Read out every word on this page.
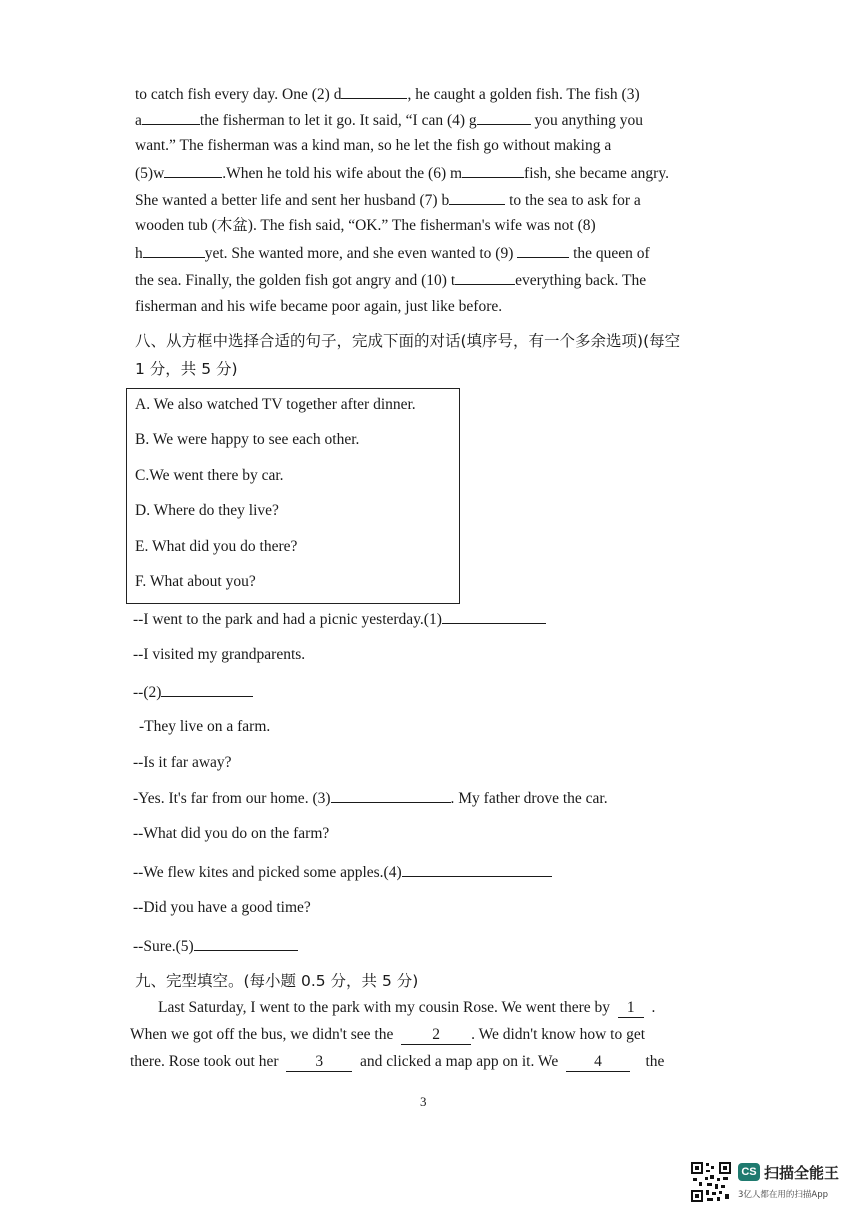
to catch fish every day. One (2) d	, he caught a golden fish. The fish (3)
a	the fisherman to let it go. It said, “I can (4) g	you anything you
want.” The fisherman was a kind man, so he let the fish go without making a
(5)w	.When he told his wife about the (6) m	fish, she became angry.
She wanted a better life and sent her husband (7) b	to the sea to ask for a
wooden tub (木盆). The fish said, “OK.” The fisherman's wife was not (8)
h	yet. She wanted more, and she even wanted to (9)	the queen of
the sea. Finally, the golden fish got angry and (10) t	everything back. The
fisherman and his wife became poor again, just like before.
八、从方框中选择合适的句子，完成下面的对话(填序号，有一个多余选项)(每空
1 分，共 5 分)
A. We also watched TV together after dinner.
B. We were happy to see each other.
C.We went there by car.
D. Where do they live?
E. What did you do there?
F. What about you?
--I went to the park and had a picnic yesterday.(1)
--I visited my grandparents.
--(2)
-They live on a farm.
--Is it far away?
-Yes. It's far from our home. (3)	. My father drove the car.
--What did you do on the farm?
--We flew kites and picked some apples.(4)
--Did you have a good time?
--Sure.(5)
九、完型填空。(每小题 0.5 分，共 5 分)
Last Saturday, I went to the park with my cousin Rose. We went there by 1 .
When we got off the bus, we didn't see the	2 . We didn't know how to get
there. Rose took out her 3 and clicked a map app on it. We 4	the
3
CS 扫描全能王
3亿人都在用的扫描App
